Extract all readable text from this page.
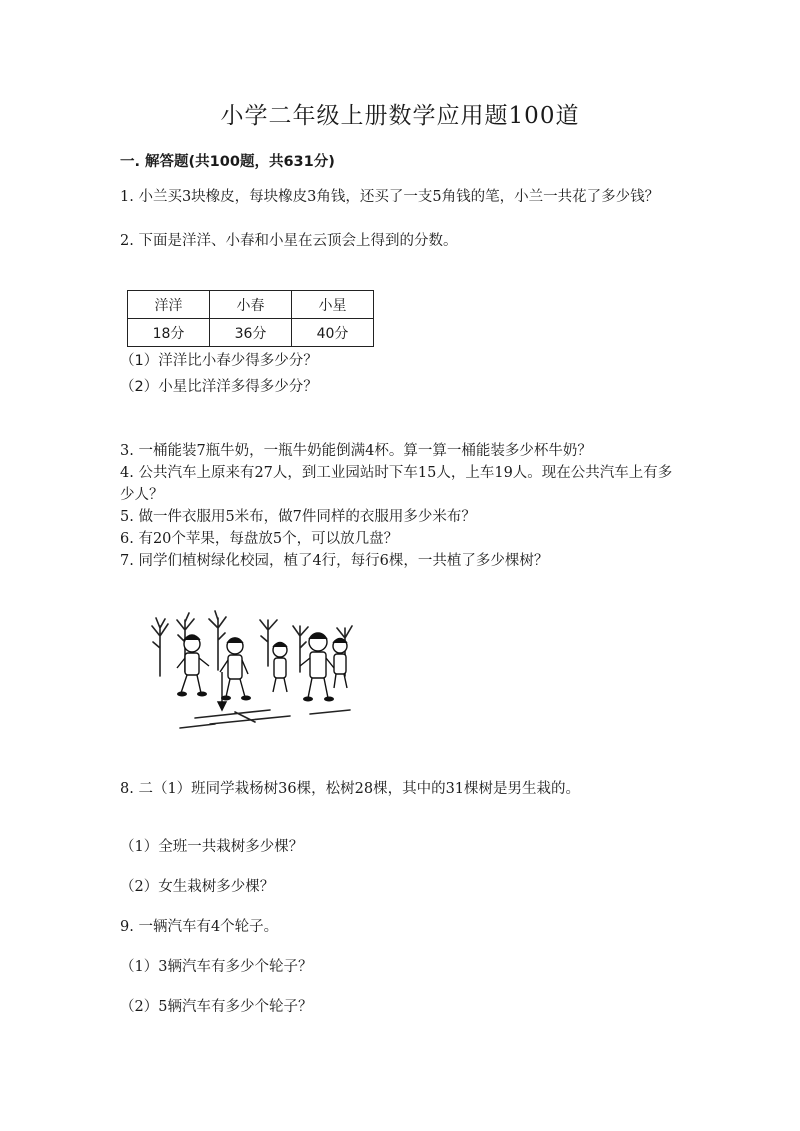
小学二年级上册数学应用题100道
一. 解答题(共100题，共631分)
1. 小兰买3块橡皮，每块橡皮3角钱，还买了一支5角钱的笔，小兰一共花了多少钱？
2. 下面是洋洋、小春和小星在云顶会上得到的分数。
洋洋	小春	小星
18分	36分	40分
（1）洋洋比小春少得多少分？
（2）小星比洋洋多得多少分？
3. 一桶能装7瓶牛奶，一瓶牛奶能倒满4杯。算一算一桶能装多少杯牛奶？
4. 公共汽车上原来有27人，到工业园站时下车15人，上车19人。现在公共汽车上有多少人？
5. 做一件衣服用5米布，做7件同样的衣服用多少米布？
6. 有20个苹果，每盘放5个，可以放几盘？
7. 同学们植树绿化校园，植了4行，每行6棵，一共植了多少棵树？
8. 二（1）班同学栽杨树36棵，松树28棵，其中的31棵树是男生栽的。
（1）全班一共栽树多少棵？
（2）女生栽树多少棵？
9. 一辆汽车有4个轮子。
（1）3辆汽车有多少个轮子？
（2）5辆汽车有多少个轮子？
